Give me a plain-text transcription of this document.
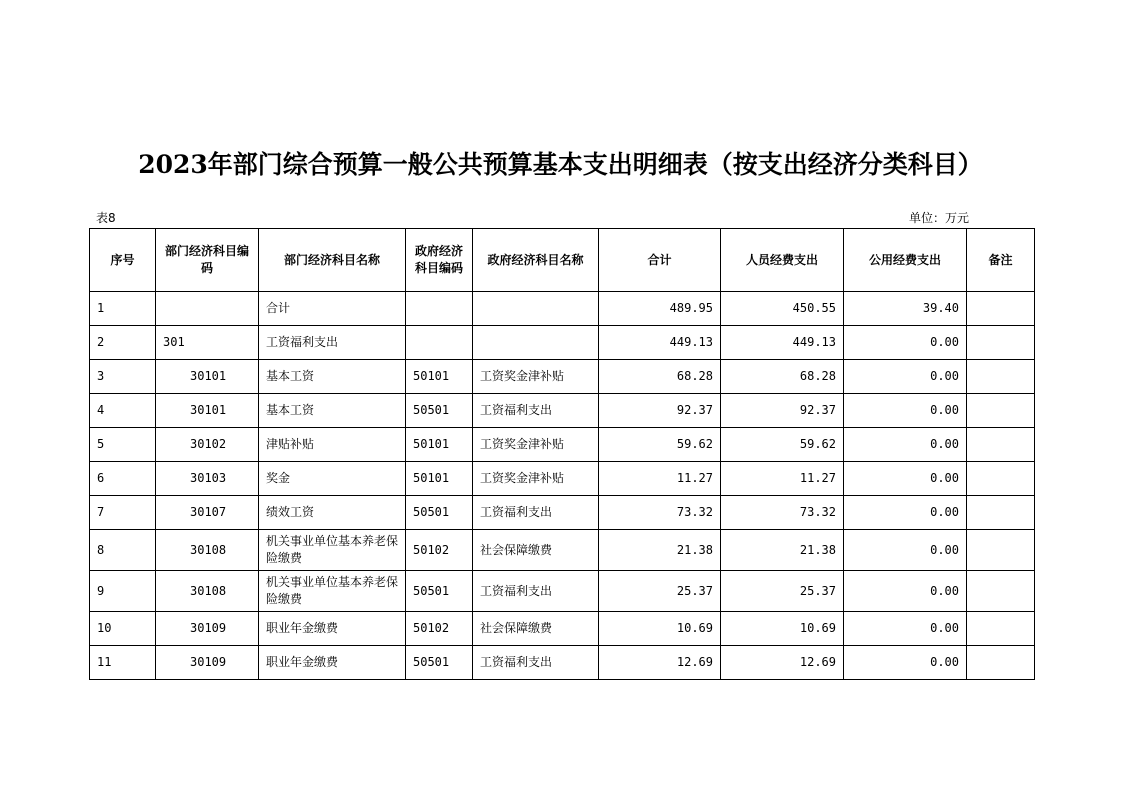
2023年部门综合预算一般公共预算基本支出明细表（按支出经济分类科目）
表8	单位：万元
序号	部门经济科目编码	部门经济科目名称	政府经济科目编码	政府经济科目名称	合计	人员经费支出	公用经费支出	备注
1		合计			489.95	450.55	39.40	
2	301	工资福利支出			449.13	449.13	0.00	
3	30101	基本工资	50101	工资奖金津补贴	68.28	68.28	0.00	
4	30101	基本工资	50501	工资福利支出	92.37	92.37	0.00	
5	30102	津贴补贴	50101	工资奖金津补贴	59.62	59.62	0.00	
6	30103	奖金	50101	工资奖金津补贴	11.27	11.27	0.00	
7	30107	绩效工资	50501	工资福利支出	73.32	73.32	0.00	
8	30108	机关事业单位基本养老保险缴费	50102	社会保障缴费	21.38	21.38	0.00	
9	30108	机关事业单位基本养老保险缴费	50501	工资福利支出	25.37	25.37	0.00	
10	30109	职业年金缴费	50102	社会保障缴费	10.69	10.69	0.00	
11	30109	职业年金缴费	50501	工资福利支出	12.69	12.69	0.00	
